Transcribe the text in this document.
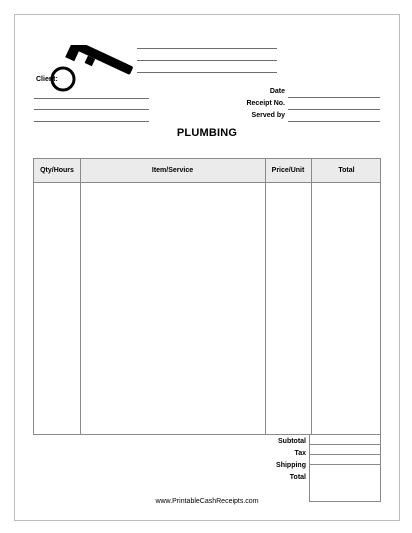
Client:
Date
Receipt No.
Served by
PLUMBING
Qty/Hours	Item/Service	Price/Unit	Total
Subtotal
Tax
Shipping
Total
www.PrintableCashReceipts.com
